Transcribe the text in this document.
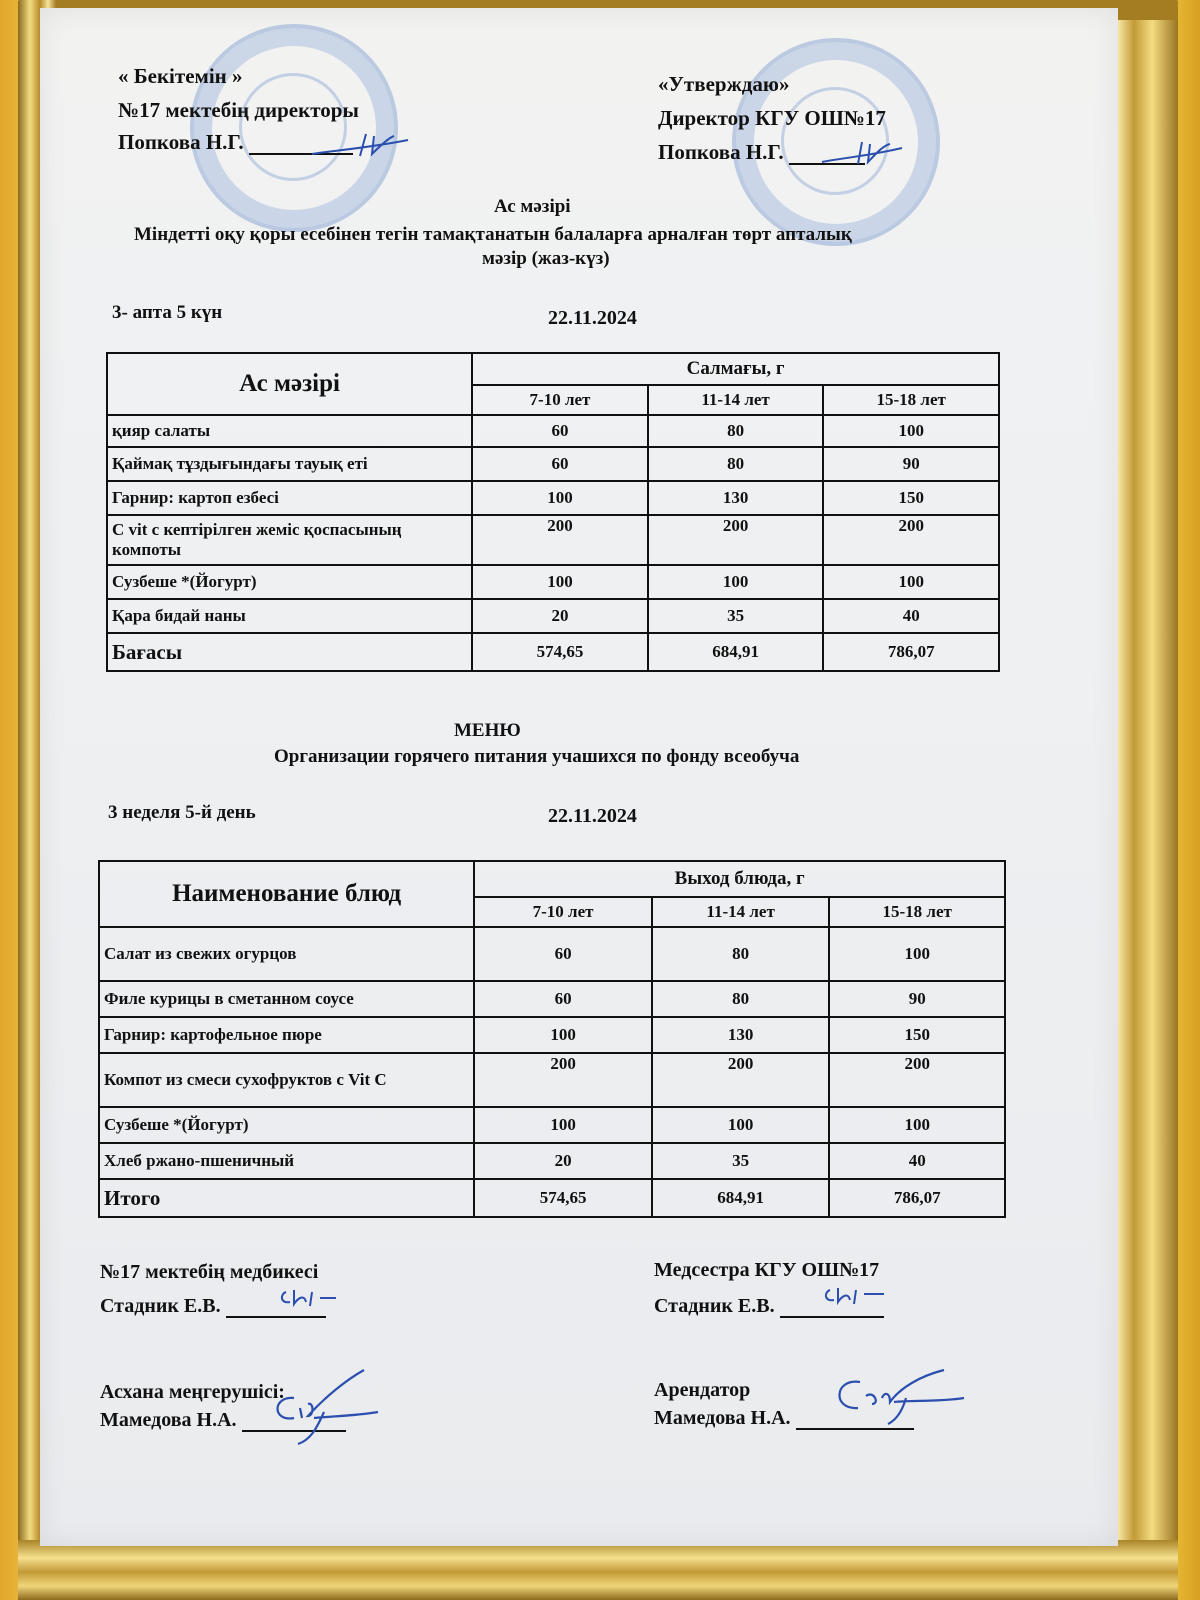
« Бекітемін »
№17 мектебің директоры
Попкова Н.Г.
«Утверждаю»
Директор КГУ ОШ№17
Попкова Н.Г.
Ас мәзірі
Міндетті оқу қоры есебінен тегін тамақтанатын балаларға арналған төрт апталық
мәзір (жаз-күз)
3- апта 5 күн	22.11.2024
Ас мәзірі	Салмағы, г		
	7-10 лет	11-14 лет	15-18 лет
қияр салаты	60	80	100
Қаймақ тұздығындағы тауық еті	60	80	90
Гарнир: картоп езбесі	100	130	150
С vit с кептірілген жеміс қоспасының
компоты	200	200	200
Сузбеше *(Йогурт)	100	100	100
Қара бидай наны	20	35	40
Бағасы	574,65	684,91	786,07
МЕНЮ
Организации горячего питания учашихся по фонду всеобуча
3 неделя 5-й день	22.11.2024
Наименование блюд	Выход блюда, г		
	7-10 лет	11-14 лет	15-18 лет
Салат из свежих огурцов	60	80	100
Филе курицы в сметанном соусе	60	80	90
Гарнир: картофельное пюре	100	130	150
Компот из смеси сухофруктов с Vit C	200	200	200
Сузбеше *(Йогурт)	100	100	100
Хлеб ржано-пшеничный	20	35	40
Итого	574,65	684,91	786,07
№17 мектебің медбикесі
Стадник Е.В.
Медсестра КГУ ОШ№17
Стадник Е.В.
Асхана меңгерушісі:
Мамедова Н.А.
Арендатор
Мамедова Н.А.
